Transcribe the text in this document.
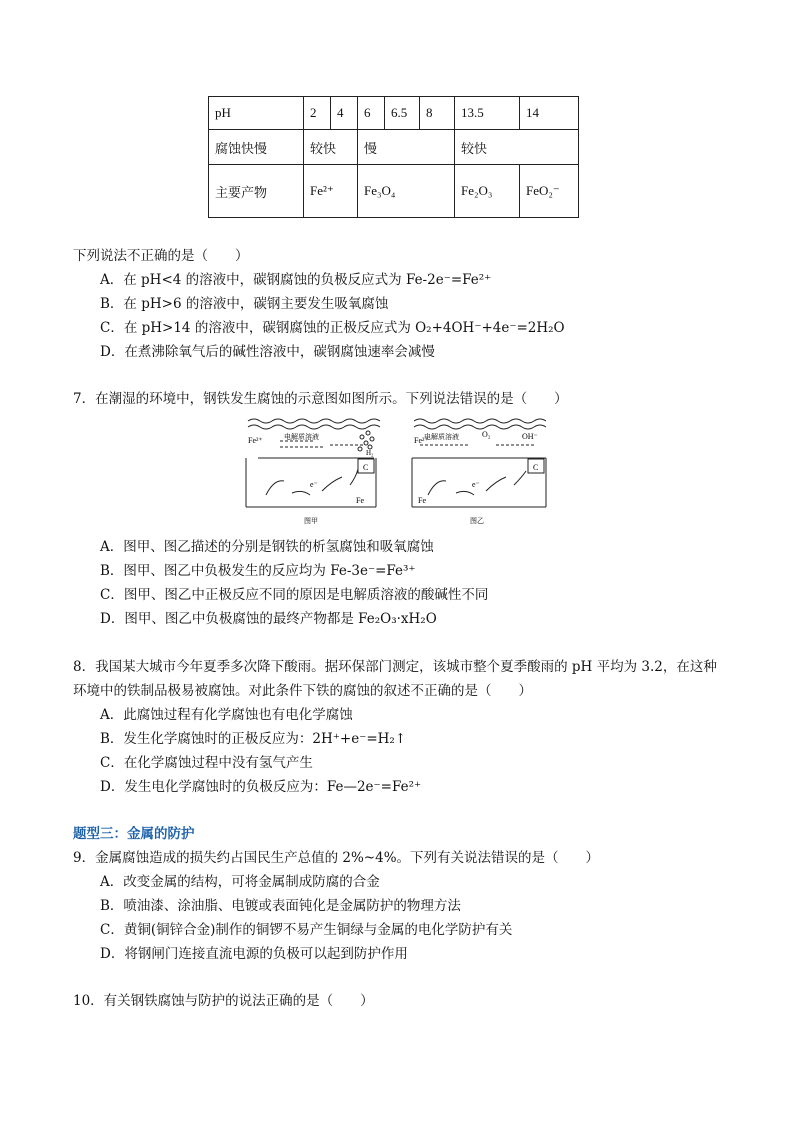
pH	2	4	6	6.5	8	13.5	14
腐蚀快慢	较快		慢			较快	
主要产物	Fe²⁺		Fe₃O₄			Fe₂O₃	FeO₂⁻
下列说法不正确的是（　　）
A．在 pH<4 的溶液中，碳钢腐蚀的负极反应式为 Fe-2e⁻=Fe²⁺
B．在 pH>6 的溶液中，碳钢主要发生吸氧腐蚀
C．在 pH>14 的溶液中，碳钢腐蚀的正极反应式为 O₂+4OH⁻+4e⁻=2H₂O
D．在煮沸除氧气后的碱性溶液中，碳钢腐蚀速率会减慢
7．在潮湿的环境中，钢铁发生腐蚀的示意图如图所示。下列说法错误的是（　　）
Fe²⁺	电解质溶液
H₂
C
e⁻
Fe
图甲
Fe²⁺
电解质溶液	O₂	OH⁻
C
e⁻
Fe
图乙
A．图甲、图乙描述的分别是钢铁的析氢腐蚀和吸氧腐蚀
B．图甲、图乙中负极发生的反应均为 Fe-3e⁻=Fe³⁺
C．图甲、图乙中正极反应不同的原因是电解质溶液的酸碱性不同
D．图甲、图乙中负极腐蚀的最终产物都是 Fe₂O₃·xH₂O
8．我国某大城市今年夏季多次降下酸雨。据环保部门测定，该城市整个夏季酸雨的 pH 平均为 3.2，在这种
环境中的铁制品极易被腐蚀。对此条件下铁的腐蚀的叙述不正确的是（　　）
A．此腐蚀过程有化学腐蚀也有电化学腐蚀
B．发生化学腐蚀时的正极反应为：2H⁺+e⁻=H₂↑
C．在化学腐蚀过程中没有氢气产生
D．发生电化学腐蚀时的负极反应为：Fe—2e⁻=Fe²⁺
题型三：金属的防护
9．金属腐蚀造成的损失约占国民生产总值的 2%~4%。下列有关说法错误的是（　　）
A．改变金属的结构，可将金属制成防腐的合金
B．喷油漆、涂油脂、电镀或表面钝化是金属防护的物理方法
C．黄铜(铜锌合金)制作的铜锣不易产生铜绿与金属的电化学防护有关
D．将钢闸门连接直流电源的负极可以起到防护作用
10．有关钢铁腐蚀与防护的说法正确的是（　　）
